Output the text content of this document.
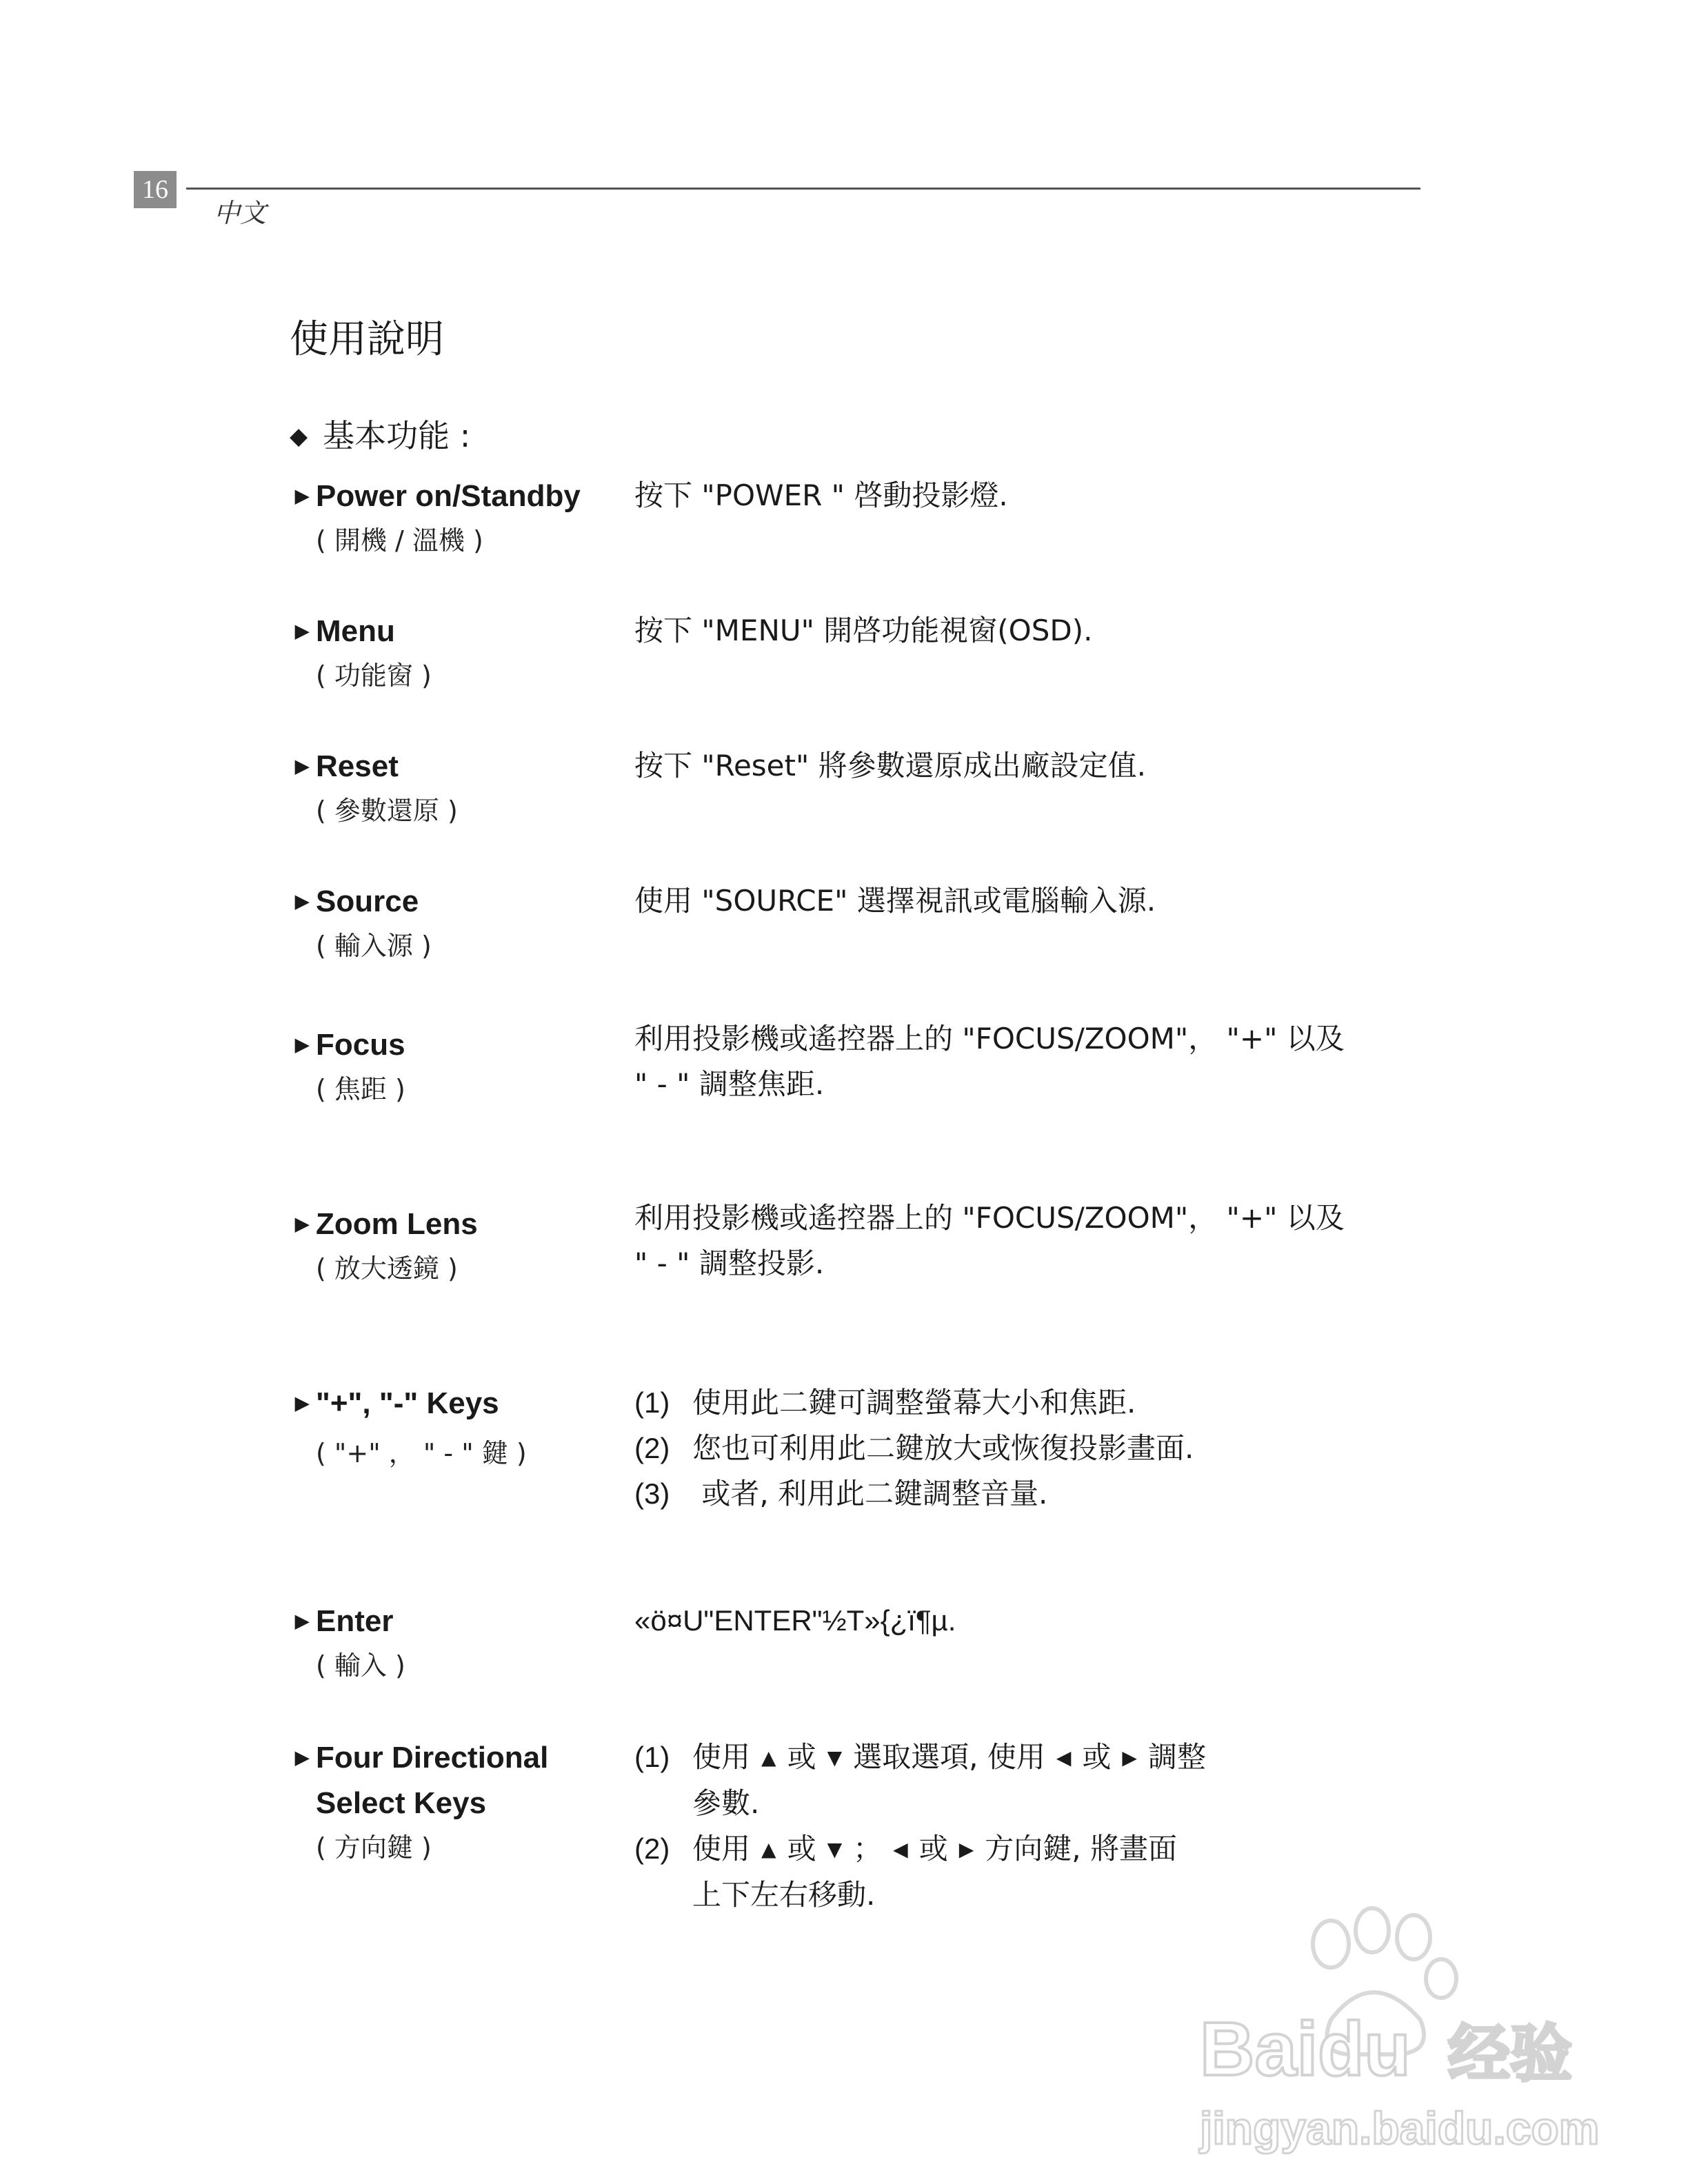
16
中文
使用說明
◆ 基本功能 :
▶ Power on/Standby
( 開機 / 溫機 )
按下 "POWER " 啓動投影燈.
▶ Menu
( 功能窗 )
按下 "MENU" 開啓功能視窗(OSD).
▶ Reset
( 參數還原 )
按下 "Reset" 將參數還原成出廠設定值.
▶ Source
( 輸入源 )
使用 "SOURCE" 選擇視訊或電腦輸入源.
▶ Focus
( 焦距 )
利用投影機或遙控器上的 "FOCUS/ZOOM"， "+" 以及
" - " 調整焦距.
▶ Zoom Lens
( 放大透鏡 )
利用投影機或遙控器上的 "FOCUS/ZOOM"， "+" 以及
" - " 調整投影.
▶ "+", "-" Keys
( "+" ， " - " 鍵 )
(1) 使用此二鍵可調整螢幕大小和焦距.
(2) 您也可利用此二鍵放大或恢復投影畫面.
(3) 或者, 利用此二鍵調整音量.
▶ Enter
( 輸入 )
«ö¤U"ENTER"½T»{¿ï¶µ.
▶ Four Directional
Select Keys
( 方向鍵 )
(1) 使用 ▲ 或 ▼ 選取選項, 使用 ◀ 或 ▶ 調整
參數.
(2) 使用 ▲ 或 ▼ ； ◀ 或 ▶ 方向鍵, 將畫面
上下左右移動.
Baidu 经验
jingyan.baidu.com
